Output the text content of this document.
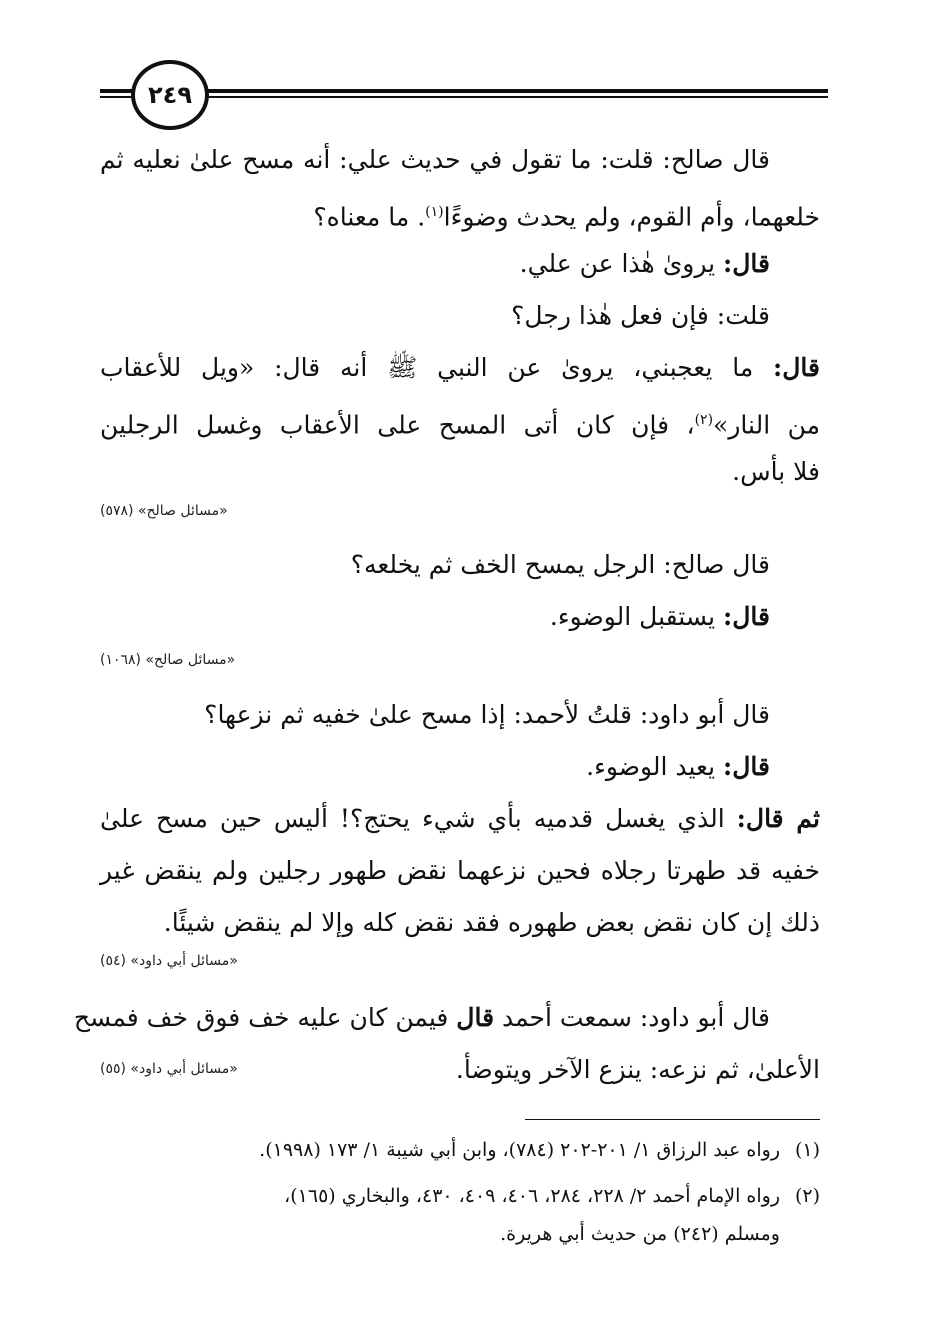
٢٤٩
قال صالح: قلت: ما تقول في حديث علي: أنه مسح علىٰ نعليه ثم
خلعهما، وأم القوم، ولم يحدث وضوءًا$^{(١)}$. ما معناه؟
قال: يروىٰ هٰذا عن علي.
قلت: فإن فعل هٰذا رجل؟
قال: ما يعجبني، يروىٰ عن النبي ﷺ أنه قال: «ويل للأعقاب
من النار»$^{(٢)}$، فإن كان أتى المسح على الأعقاب وغسل الرجلين
فلا بأس.
«مسائل صالح» (٥٧٨)
قال صالح: الرجل يمسح الخف ثم يخلعه؟
قال: يستقبل الوضوء.
«مسائل صالح» (١٠٦٨)
قال أبو داود: قلتُ لأحمد: إذا مسح علىٰ خفيه ثم نزعها؟
قال: يعيد الوضوء.
ثم قال: الذي يغسل قدميه بأي شيء يحتج؟! أليس حين مسح علىٰ
خفيه قد طهرتا رجلاه فحين نزعهما نقض طهور رجلين ولم ينقض غير
ذلك إن كان نقض بعض طهوره فقد نقض كله وإلا لم ينقض شيئًا.
«مسائل أبي داود» (٥٤)
قال أبو داود: سمعت أحمد قال فيمن كان عليه خف فوق خف فمسح
الأعلىٰ، ثم نزعه: ينزع الآخر ويتوضأ.
«مسائل أبي داود» (٥٥)
(١)رواه عبد الرزاق ١/ ٢٠١-٢٠٢ (٧٨٤)، وابن أبي شيبة ١/ ١٧٣ (١٩٩٨).
(٢)رواه الإمام أحمد ٢/ ٢٢٨، ٢٨٤، ٤٠٦، ٤٠٩، ٤٣٠، والبخاري (١٦٥)،
ومسلم (٢٤٢) من حديث أبي هريرة.
